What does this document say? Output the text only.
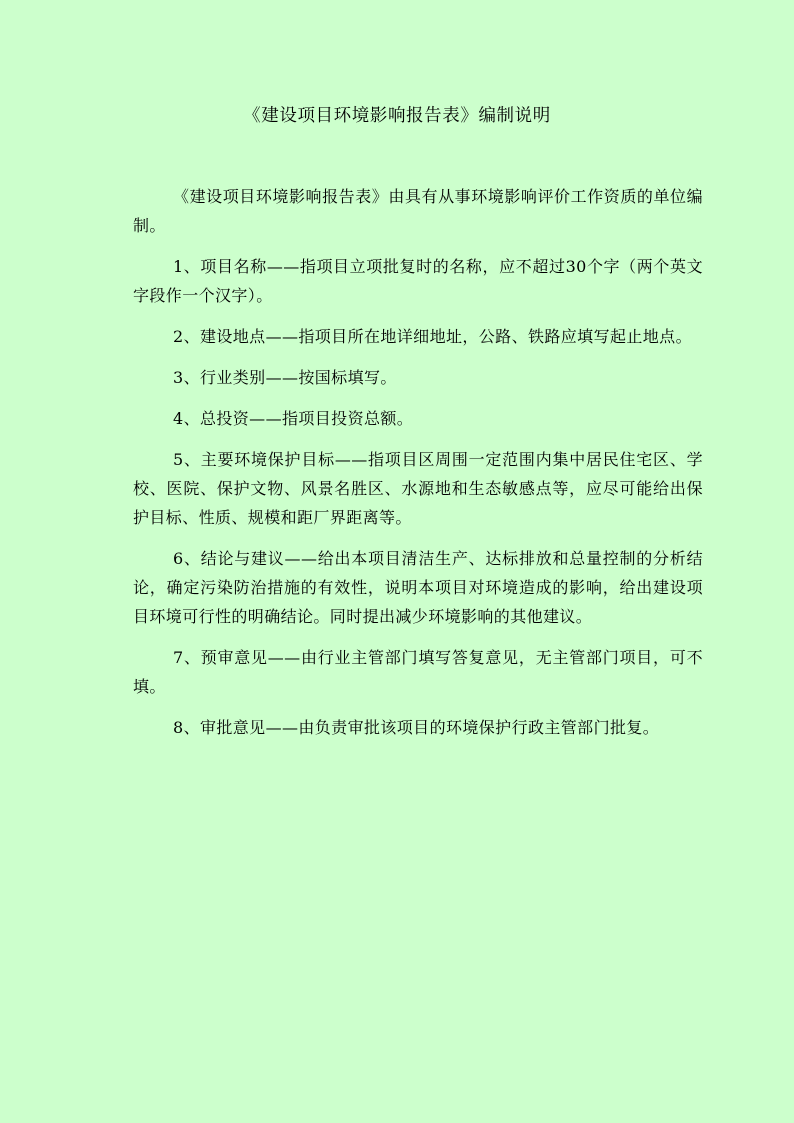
《建设项目环境影响报告表》编制说明

《建设项目环境影响报告表》由具有从事环境影响评价工作资质的单位编制。

1、项目名称——指项目立项批复时的名称，应不超过30个字（两个英文字段作一个汉字）。

2、建设地点——指项目所在地详细地址，公路、铁路应填写起止地点。

3、行业类别——按国标填写。

4、总投资——指项目投资总额。

5、主要环境保护目标——指项目区周围一定范围内集中居民住宅区、学校、医院、保护文物、风景名胜区、水源地和生态敏感点等，应尽可能给出保护目标、性质、规模和距厂界距离等。

6、结论与建议——给出本项目清洁生产、达标排放和总量控制的分析结论，确定污染防治措施的有效性，说明本项目对环境造成的影响，给出建设项目环境可行性的明确结论。同时提出减少环境影响的其他建议。

7、预审意见——由行业主管部门填写答复意见，无主管部门项目，可不填。

8、审批意见——由负责审批该项目的环境保护行政主管部门批复。
